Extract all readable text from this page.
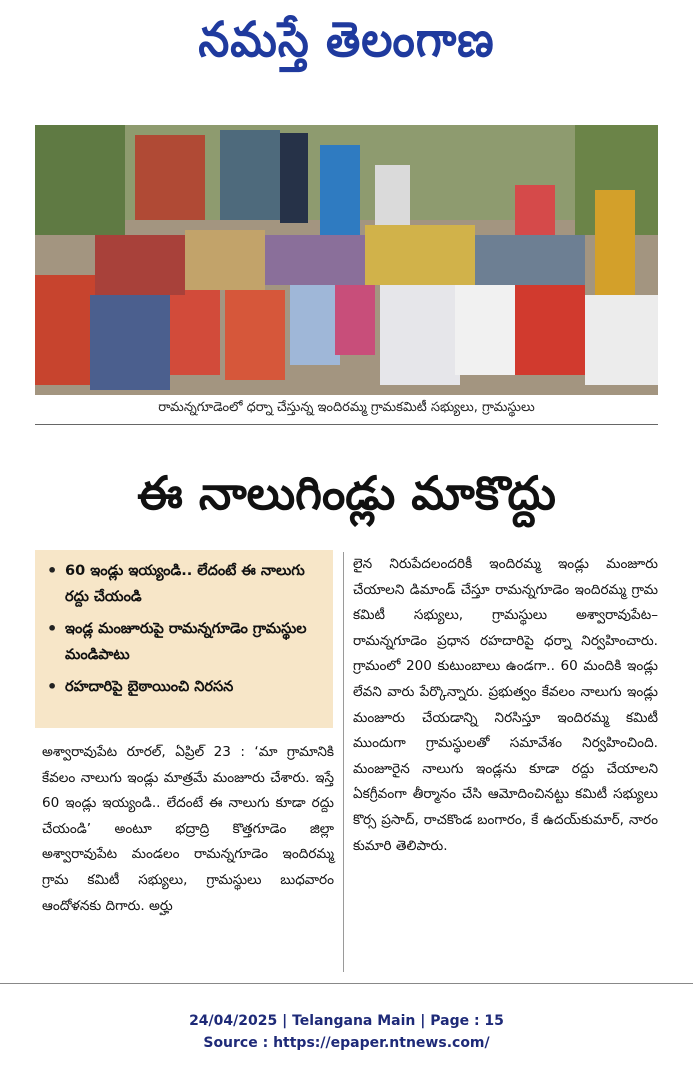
నమస్తే తెలంగాణ
రామన్నగూడెంలో ధర్నా చేస్తున్న ఇందిరమ్మ గ్రామకమిటీ సభ్యులు, గ్రామస్థులు
ఈ నాలుగిండ్లు మాకొద్దు
• 60 ఇండ్లు ఇయ్యండి.. లేదంటే ఈ నాలుగు రద్దు చేయండి
• ఇండ్ల మంజూరుపై రామన్నగూడెం గ్రామస్థుల మండిపాటు
• రహదారిపై బైఠాయించి నిరసన

అశ్వారావుపేట రూరల్, ఏప్రిల్ 23 : ‘మా గ్రామానికి కేవలం నాలుగు ఇండ్లు మాత్రమే మంజూరు చేశారు. ఇస్తే 60 ఇండ్లు ఇయ్యండి.. లేదంటే ఈ నాలుగు కూడా రద్దు చేయండి’ అంటూ భద్రాద్రి కొత్తగూడెం జిల్లా అశ్వారావుపేట మండలం రామన్నగూడెం ఇందిరమ్మ గ్రామ కమిటీ సభ్యులు, గ్రామస్థులు బుధవారం ఆందోళనకు దిగారు. అర్హు

లైన నిరుపేదలందరికీ ఇందిరమ్మ ఇండ్లు మంజూరు చేయాలని డిమాండ్ చేస్తూ రామన్నగూడెం ఇందిరమ్మ గ్రామ కమిటీ సభ్యులు, గ్రామస్థులు అశ్వారావుపేట–రామన్నగూడెం ప్రధాన రహదారిపై ధర్నా నిర్వహించారు. గ్రామంలో 200 కుటుంబాలు ఉండగా.. 60 మందికి ఇండ్లు లేవని వారు పేర్కొన్నారు. ప్రభుత్వం కేవలం నాలుగు ఇండ్లు మంజూరు చేయడాన్ని నిరసిస్తూ ఇందిరమ్మ కమిటీ ముందుగా గ్రామస్థులతో సమావేశం నిర్వహించింది. మంజూరైన నాలుగు ఇండ్లను కూడా రద్దు చేయాలని ఏకగ్రీవంగా తీర్మానం చేసి ఆమోదించినట్టు కమిటీ సభ్యులు కొర్స ప్రసాద్, రాచకొండ బంగారం, కే ఉదయ్‌కుమార్, నారం కుమారి తెలిపారు.

24/04/2025 | Telangana Main | Page : 15
Source : https://epaper.ntnews.com/
